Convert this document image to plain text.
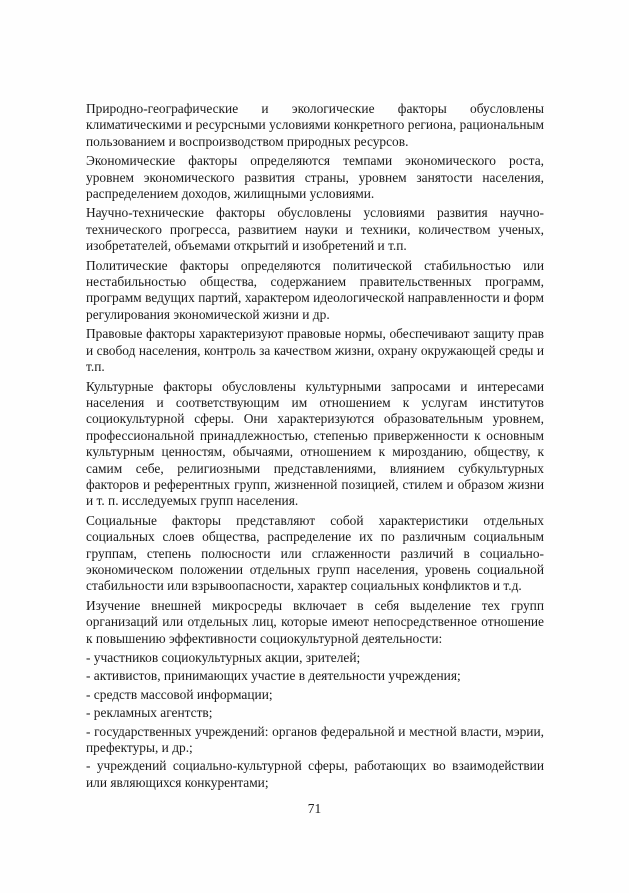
Природно-географические и экологические факторы обусловлены климатическими и ресурсными условиями конкретного региона, рациональным пользованием и воспроизводством природных ресурсов.

Экономические факторы определяются темпами экономического роста, уровнем экономического развития страны, уровнем занятости населения, распределением доходов, жилищными условиями.

Научно-технические факторы обусловлены условиями развития научно-технического прогресса, развитием науки и техники, количеством ученых, изобретателей, объемами открытий и изобретений и т.п.

Политические факторы определяются политической стабильностью или нестабильностью общества, содержанием правительственных программ, программ ведущих партий, характером идеологической направленности и форм регулирования экономической жизни и др.

Правовые факторы характеризуют правовые нормы, обеспечивают защиту прав и свобод населения, контроль за качеством жизни, охрану окружающей среды и т.п.

Культурные факторы обусловлены культурными запросами и интересами населения и соответствующим им отношением к услугам институтов социокультурной сферы. Они характеризуются образовательным уровнем, профессиональной принадлежностью, степенью приверженности к основным культурным ценностям, обычаями, отношением к мирозданию, обществу, к самим себе, религиозными представлениями, влиянием субкультурных факторов и референтных групп, жизненной позицией, стилем и образом жизни и т. п. исследуемых групп населения.

Социальные факторы представляют собой характеристики отдельных социальных слоев общества, распределение их по различным социальным группам, степень полюсности или сглаженности различий в социально-экономическом положении отдельных групп населения, уровень социальной стабильности или взрывоопасности, характер социальных конфликтов и т.д.

Изучение внешней микросреды включает в себя выделение тех групп организаций или отдельных лиц, которые имеют непосредственное отношение к повышению эффективности социокультурной деятельности:

- участников социокультурных акции, зрителей;
- активистов, принимающих участие в деятельности учреждения;
- средств массовой информации;
- рекламных агентств;
- государственных учреждений: органов федеральной и местной власти, мэрии, префектуры, и др.;
- учреждений социально-культурной сферы, работающих во взаимодействии или являющихся конкурентами;
71
